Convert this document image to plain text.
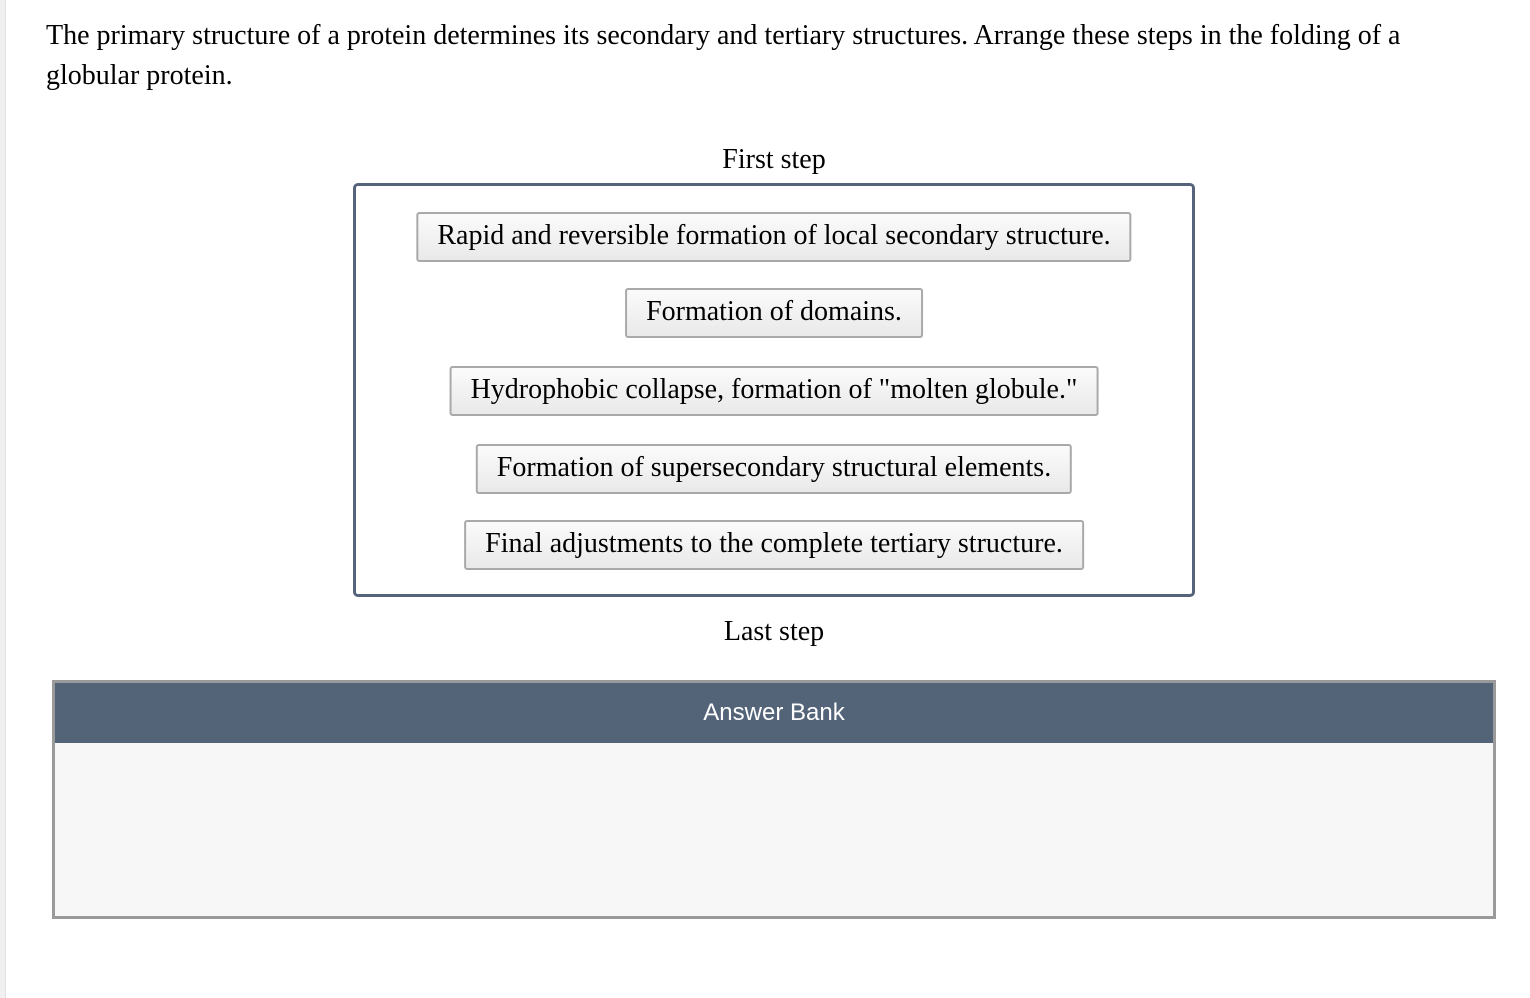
The primary structure of a protein determines its secondary and tertiary structures. Arrange these steps in the folding of a globular protein.

First step
Rapid and reversible formation of local secondary structure.
Formation of domains.
Hydrophobic collapse, formation of "molten globule."
Formation of supersecondary structural elements.
Final adjustments to the complete tertiary structure.
Last step
Answer Bank
